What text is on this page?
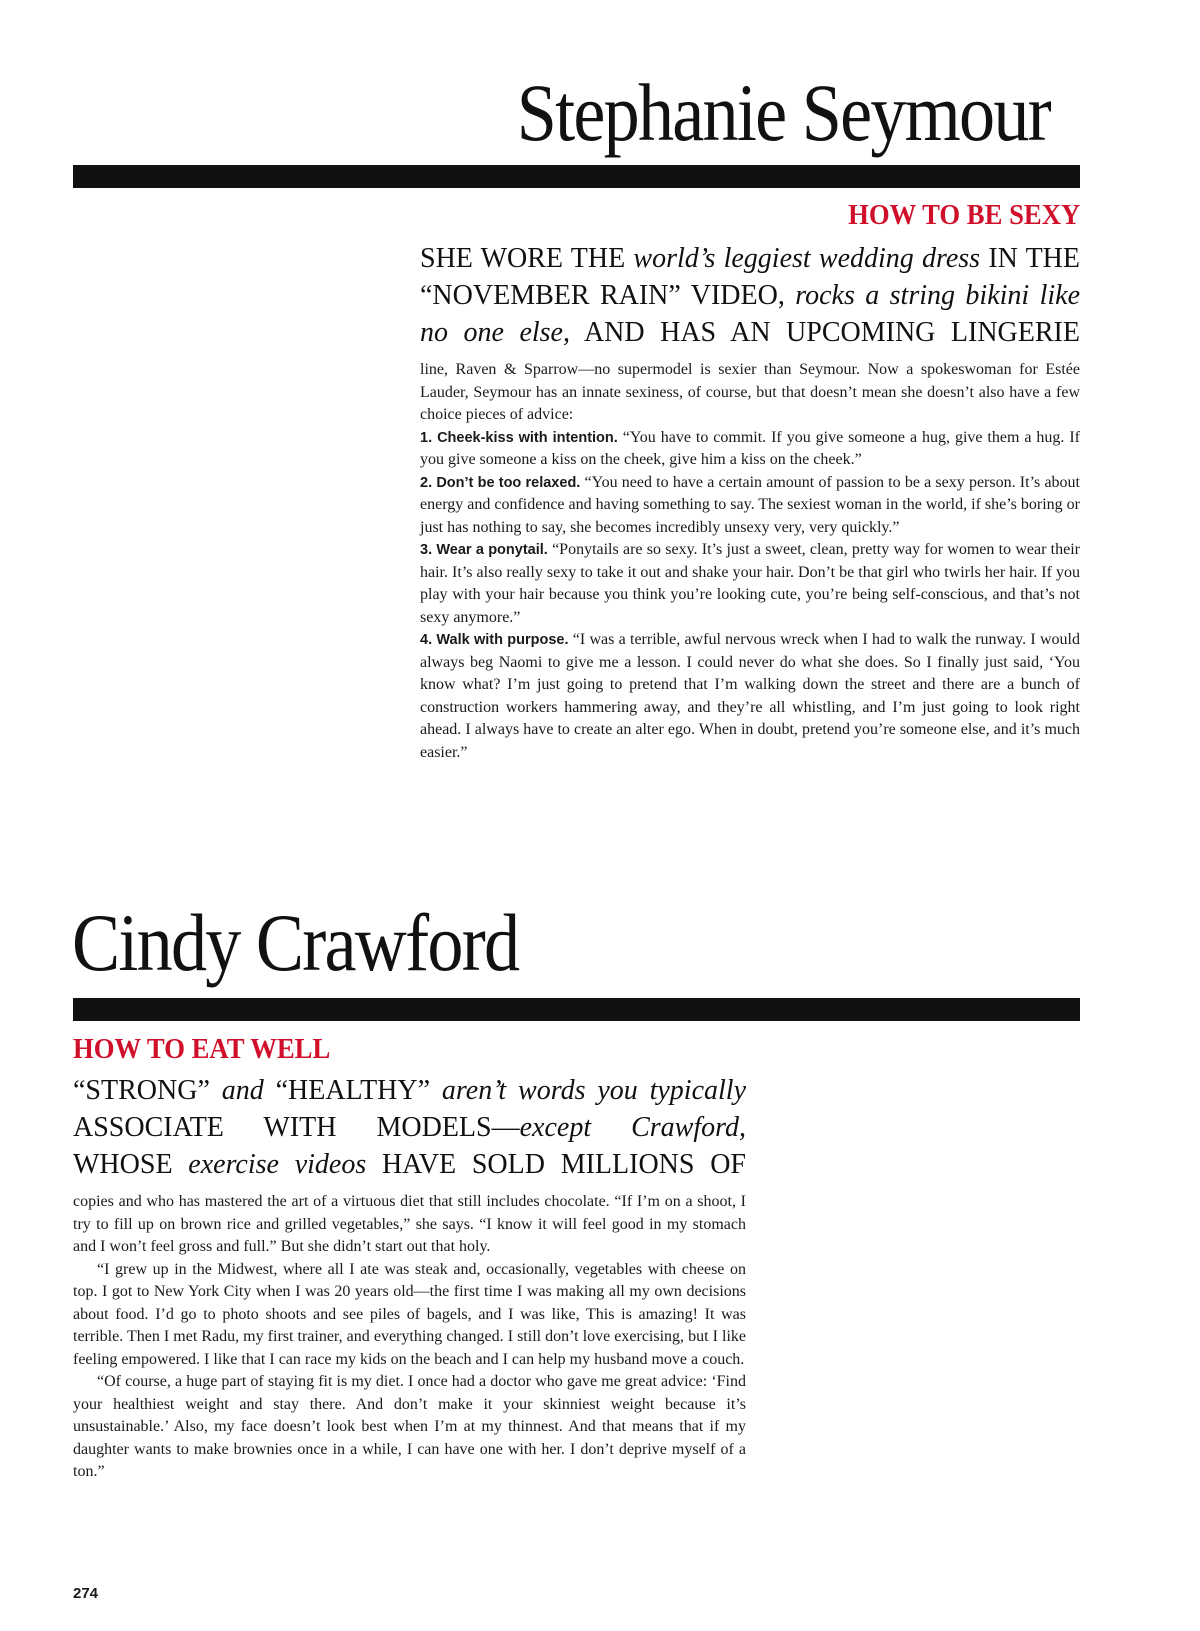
Stephanie Seymour
HOW TO BE SEXY

SHE WORE THE world’s leggiest wedding dress IN THE “NOVEMBER RAIN” VIDEO, rocks a string bikini like no one else, AND HAS AN UPCOMING LINGERIE

line, Raven & Sparrow—no supermodel is sexier than Seymour. Now a spokeswoman for Estée Lauder, Seymour has an innate sexiness, of course, but that doesn’t mean she doesn’t also have a few choice pieces of advice:

1. Cheek-kiss with intention. “You have to commit. If you give someone a hug, give them a hug. If you give someone a kiss on the cheek, give him a kiss on the cheek.”

2. Don’t be too relaxed. “You need to have a certain amount of passion to be a sexy person. It’s about energy and confidence and having something to say. The sexiest woman in the world, if she’s boring or just has nothing to say, she becomes incredibly unsexy very, very quickly.”

3. Wear a ponytail. “Ponytails are so sexy. It’s just a sweet, clean, pretty way for women to wear their hair. It’s also really sexy to take it out and shake your hair. Don’t be that girl who twirls her hair. If you play with your hair because you think you’re looking cute, you’re being self-conscious, and that’s not sexy anymore.”

4. Walk with purpose. “I was a terrible, awful nervous wreck when I had to walk the runway. I would always beg Naomi to give me a lesson. I could never do what she does. So I finally just said, ‘You know what? I’m just going to pretend that I’m walking down the street and there are a bunch of construction workers hammering away, and they’re all whistling, and I’m just going to look right ahead. I always have to create an alter ego. When in doubt, pretend you’re someone else, and it’s much easier.”

Cindy Crawford
HOW TO EAT WELL

“STRONG” and “HEALTHY” aren’t words you typically ASSOCIATE WITH MODELS—except Crawford, WHOSE exercise videos HAVE SOLD MILLIONS OF

copies and who has mastered the art of a virtuous diet that still includes chocolate. “If I’m on a shoot, I try to fill up on brown rice and grilled vegetables,” she says. “I know it will feel good in my stomach and I won’t feel gross and full.” But she didn’t start out that holy.

“I grew up in the Midwest, where all I ate was steak and, occasionally, vegetables with cheese on top. I got to New York City when I was 20 years old—the first time I was making all my own decisions about food. I’d go to photo shoots and see piles of bagels, and I was like, This is amazing! It was terrible. Then I met Radu, my first trainer, and everything changed. I still don’t love exercising, but I like feeling empowered. I like that I can race my kids on the beach and I can help my husband move a couch.

“Of course, a huge part of staying fit is my diet. I once had a doctor who gave me great advice: ‘Find your healthiest weight and stay there. And don’t make it your skinniest weight because it’s unsustainable.’ Also, my face doesn’t look best when I’m at my thinnest. And that means that if my daughter wants to make brownies once in a while, I can have one with her. I don’t deprive myself of a ton.”

274
